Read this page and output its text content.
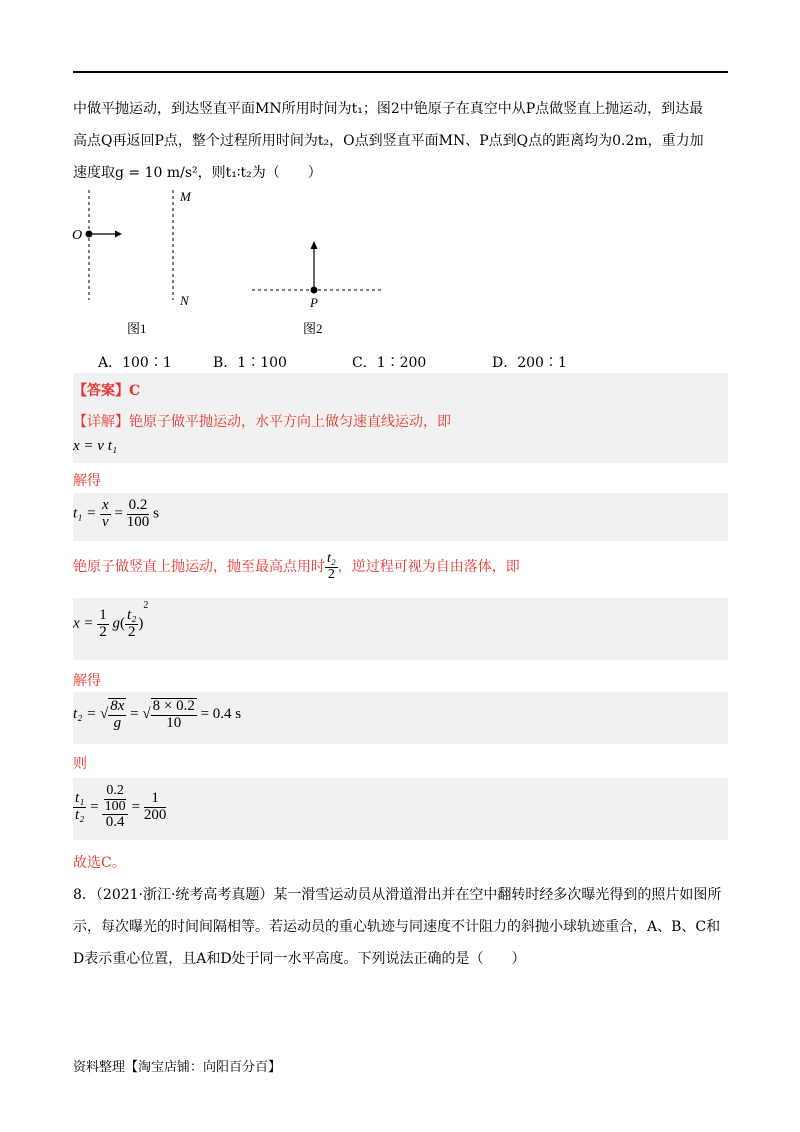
中做平抛运动，到达竖直平面MN所用时间为t₁；图2中铯原子在真空中从P点做竖直上抛运动，到达最
高点Q再返回P点，整个过程所用时间为t₂，O点到竖直平面MN、P点到Q点的距离均为0.2m，重力加
速度取g = 10 m/s²，则t₁∶t₂为（　　）
O
M
N
图1
P
图2
A．100∶1	B．1∶100	C．1∶200	D．200∶1
【答案】C
【详解】铯原子做平抛运动，水平方向上做匀速直线运动，即
x = v t₁
解得
$t_1 = \frac{x}{v} = \frac{0.2}{100}$ s
铯原子做竖直上抛运动，抛至最高点用时 $\frac{\text{t₂}}{2}$ ，逆过程可视为自由落体，即
$x = \frac{1}{2} g( \frac{\text{t₂}}{2} )^2$
解得
t₂ = √ $\frac{8x}{g}$ = √ $\frac{8 \times 0.2}{10} = 0.4$ s
则
$\frac{\text{t₁}}{\text{t₂}} = \frac{\frac{0.2}{100}}{0.4} = \frac{1}{200}$
故选C。
8．（2021·浙江·统考高考真题）某一滑雪运动员从滑道滑出并在空中翻转时经多次曝光得到的照片如图所
示，每次曝光的时间间隔相等。若运动员的重心轨迹与同速度不计阻力的斜抛小球轨迹重合，A、B、C和
D表示重心位置，且A和D处于同一水平高度。下列说法正确的是（　　）
资料整理【淘宝店铺：向阳百分百】
